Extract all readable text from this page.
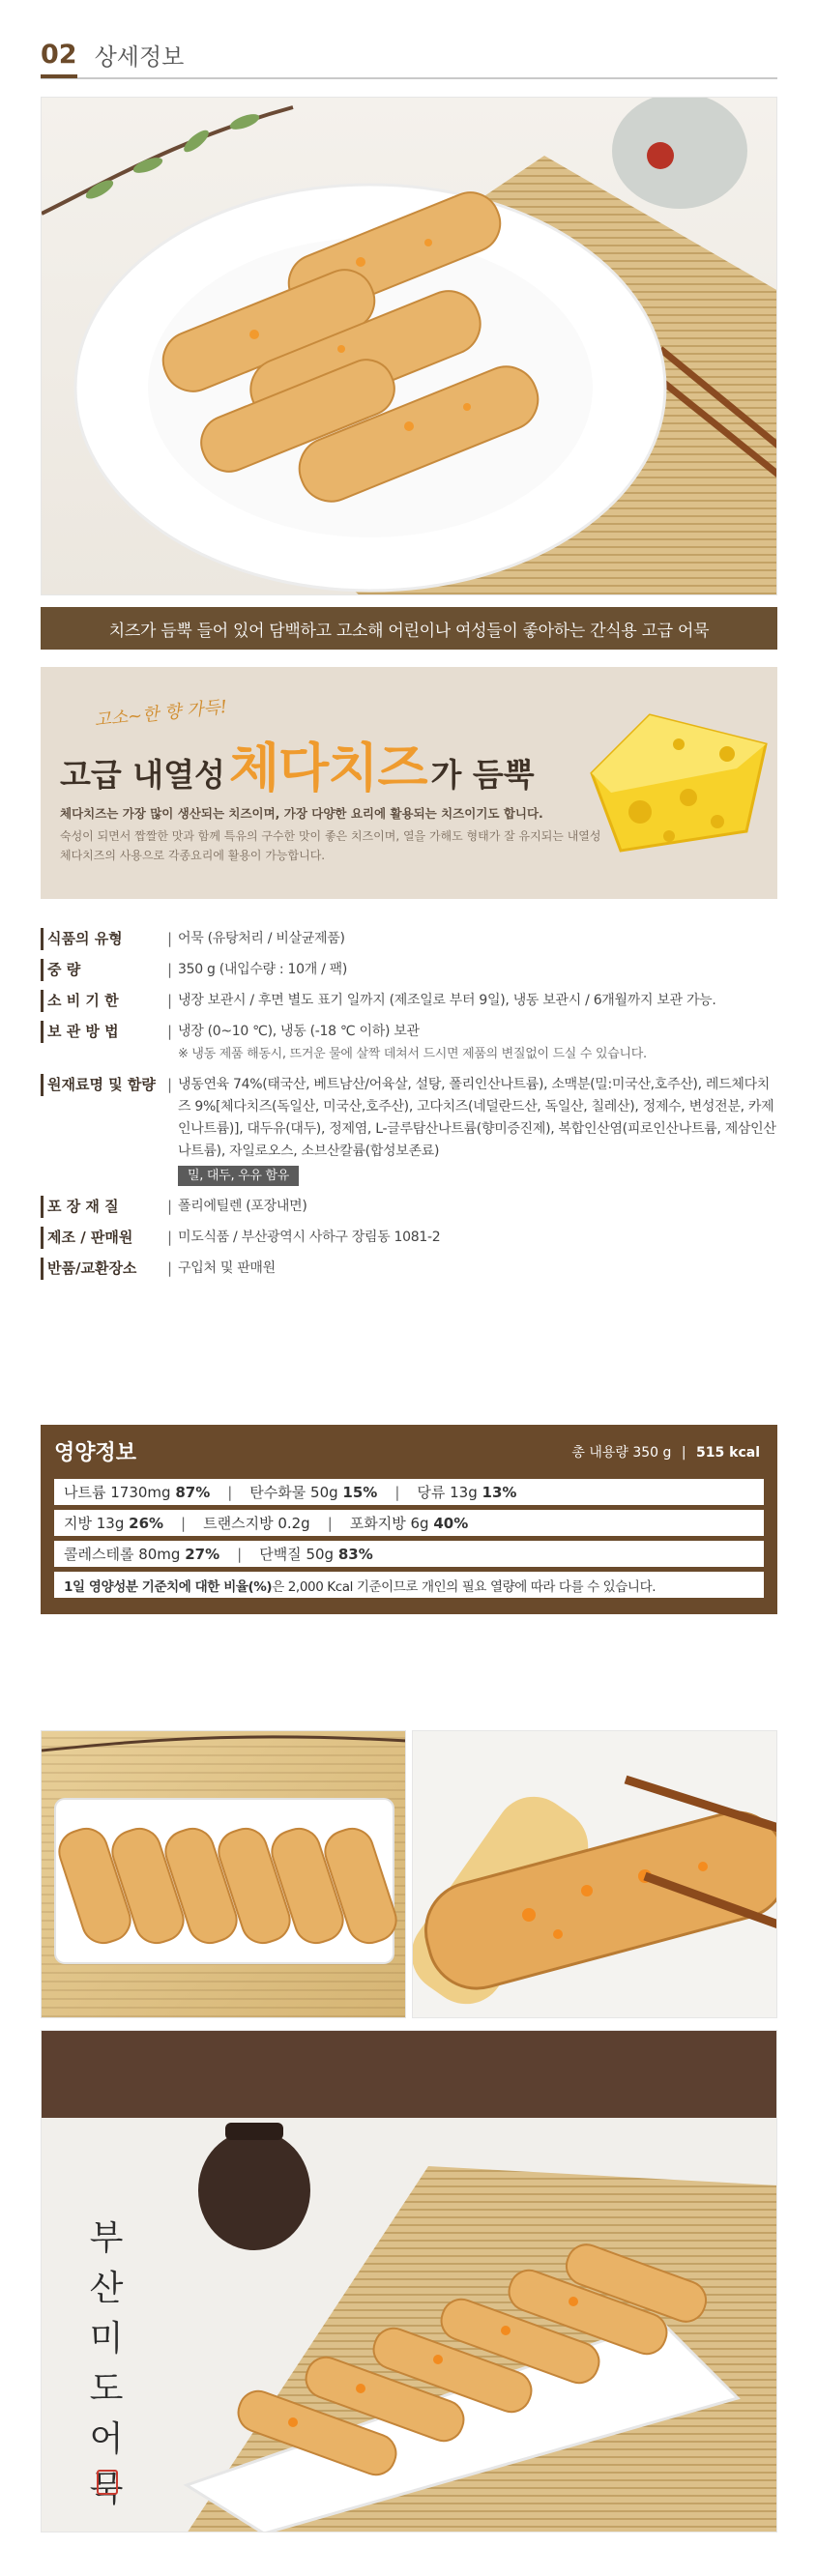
02 상세정보
치즈가 듬뿍 들어 있어 담백하고 고소해 어린이나 여성들이 좋아하는 간식용 고급 어묵
고소~한 향 가득!
고급 내열성 체다치즈 가 듬뿍
체다치즈는 가장 많이 생산되는 치즈이며, 가장 다양한 요리에 활용되는 치즈이기도 합니다.
숙성이 되면서 짭짤한 맛과 함께 특유의 구수한 맛이 좋은 치즈이며, 열을 가해도 형태가 잘 유지되는 내열성 체다치즈의 사용으로 각종요리에 활용이 가능합니다.
식품의 유형	| 어묵 (유탕처리 / 비살균제품)
중 량	| 350 g (내입수량 : 10개 / 팩)
소 비 기 한	| 냉장 보관시 / 후면 별도 표기 일까지 (제조일로 부터 9일), 냉동 보관시 / 6개월까지 보관 가능.
보 관 방 법	| 냉장 (0~10 ℃), 냉동 (-18 ℃ 이하) 보관
※ 냉동 제품 해동시, 뜨거운 물에 살짝 데쳐서 드시면 제품의 변질없이 드실 수 있습니다.
원재료명 및 함량 | 냉동연육 74%(태국산, 베트남산/어육살, 설탕, 폴리인산나트륨), 소맥분(밀:미국산,호주산), 레드체다치즈 9%[체다치즈(독일산, 미국산,호주산), 고다치즈(네덜란드산, 독일산, 칠레산), 정제수, 변성전분, 카제인나트륨)], 대두유(대두), 정제염, L-글루탐산나트륨(향미증진제), 복합인산염(피로인산나트륨, 제삼인산나트륨), 자일로오스, 소브산칼륨(합성보존료)
밀, 대두, 우유 함유
포 장 재 질	| 폴리에틸렌 (포장내면)
제조 / 판매원 | 미도식품 / 부산광역시 사하구 장림동 1081-2
반품/교환장소 | 구입처 및 판매원
영양정보	총 내용량 350 g | 515 kcal
나트륨 1730mg 87% | 탄수화물 50g 15% | 당류 13g 13%
지방 13g 26% | 트랜스지방 0.2g | 포화지방 6g 40%
콜레스테롤 80mg 27% | 단백질 50g 83%
1일 영양성분 기준치에 대한 비율(%) 은 2,000 Kcal 기준이므로 개인의 필요 열량에 따라 다를 수 있습니다.
부
산
미
도
어
묵
